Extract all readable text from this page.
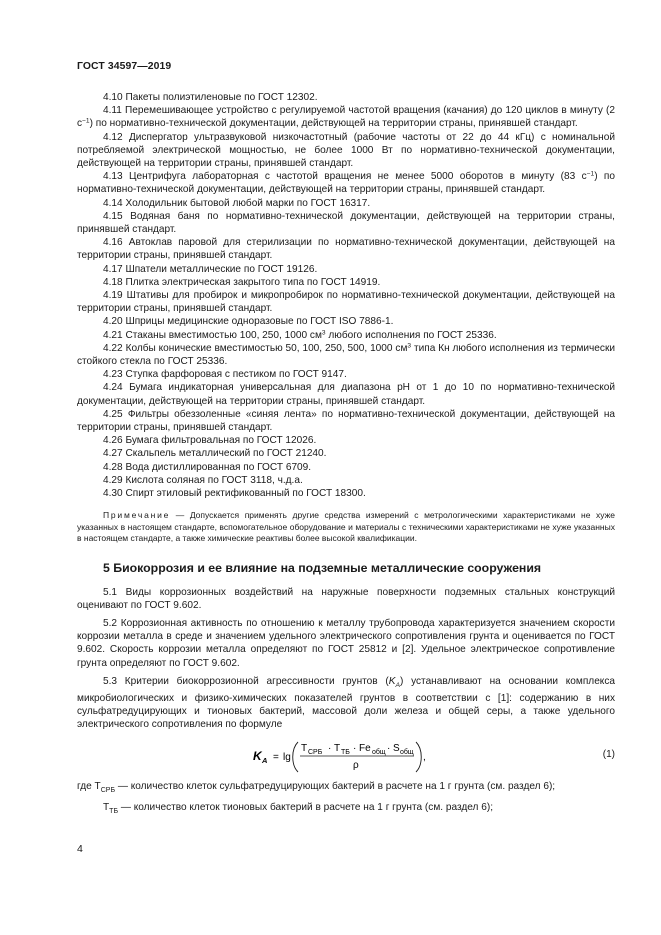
ГОСТ 34597—2019

4.10 Пакеты полиэтиленовые по ГОСТ 12302.

4.11 Перемешивающее устройство с регулируемой частотой вращения (качания) до 120 циклов в минуту (2 $с^{-1}$) по нормативно-технической документации, действующей на территории страны, принявшей стандарт.

4.12 Диспергатор ультразвуковой низкочастотный (рабочие частоты от 22 до 44 кГц) с номинальной потребляемой электрической мощностью, не более 1000 Вт по нормативно-технической документации, действующей на территории страны, принявшей стандарт.

4.13 Центрифуга лабораторная с частотой вращения не менее 5000 оборотов в минуту (83 $с^{-1}$) по нормативно-технической документации, действующей на территории страны, принявшей стандарт.

4.14 Холодильник бытовой любой марки по ГОСТ 16317.

4.15 Водяная баня по нормативно-технической документации, действующей на территории страны, принявшей стандарт.

4.16 Автоклав паровой для стерилизации по нормативно-технической документации, действующей на территории страны, принявшей стандарт.

4.17 Шпатели металлические по ГОСТ 19126.

4.18 Плитка электрическая закрытого типа по ГОСТ 14919.

4.19 Штативы для пробирок и микропробирок по нормативно-технической документации, действующей на территории страны, принявшей стандарт.

4.20 Шприцы медицинские одноразовые по ГОСТ ISO 7886-1.

4.21 Стаканы вместимостью 100, 250, 1000 $см^3$ любого исполнения по ГОСТ 25336.

4.22 Колбы конические вместимостью 50, 100, 250, 500, 1000 $см^3$ типа Кн любого исполнения из термически стойкого стекла по ГОСТ 25336.

4.23 Ступка фарфоровая с пестиком по ГОСТ 9147.

4.24 Бумага индикаторная универсальная для диапазона рН от 1 до 10 по нормативно-технической документации, действующей на территории страны, принявшей стандарт.

4.25 Фильтры обеззоленные «синяя лента» по нормативно-технической документации, действующей на территории страны, принявшей стандарт.

4.26 Бумага фильтровальная по ГОСТ 12026.

4.27 Скальпель металлический по ГОСТ 21240.

4.28 Вода дистиллированная по ГОСТ 6709.

4.29 Кислота соляная по ГОСТ 3118, ч.д.а.

4.30 Спирт этиловый ректификованный по ГОСТ 18300.

Примечание — Допускается применять другие средства измерений с метрологическими характеристиками не хуже указанных в настоящем стандарте, вспомогательное оборудование и материалы с техническими характеристиками не хуже указанных в настоящем стандарте, а также химические реактивы более высокой квалификации.

5 Биокоррозия и ее влияние на подземные металлические сооружения

5.1 Виды коррозионных воздействий на наружные поверхности подземных стальных конструкций оценивают по ГОСТ 9.602.

5.2 Коррозионная активность по отношению к металлу трубопровода характеризуется значением скорости коррозии металла в среде и значением удельного электрического сопротивления грунта и оценивается по ГОСТ 9.602. Скорость коррозии металла определяют по ГОСТ 25812 и [2]. Удельное электрическое сопротивление грунта определяют по ГОСТ 9.602.

5.3 Критерии биокоррозионной агрессивности грунтов $(K_A)$ устанавливают на основании комплекса микробиологических и физико-химических показателей грунтов в соответствии с [1]: содержанию в них сульфатредуцирующих и тионовых бактерий, массовой доли железа и общей серы, а также удельного электрического сопротивления по формуле

K A = lg
T СРБ · T ТБ · Fe общ · S общ
ρ
,	(1)

где $T_{СРБ}$ — количество клеток сульфатредуцирующих бактерий в расчете на 1 г грунта (см. раздел 6);

$T_{ТБ}$ — количество клеток тионовых бактерий в расчете на 1 г грунта (см. раздел 6);

4
